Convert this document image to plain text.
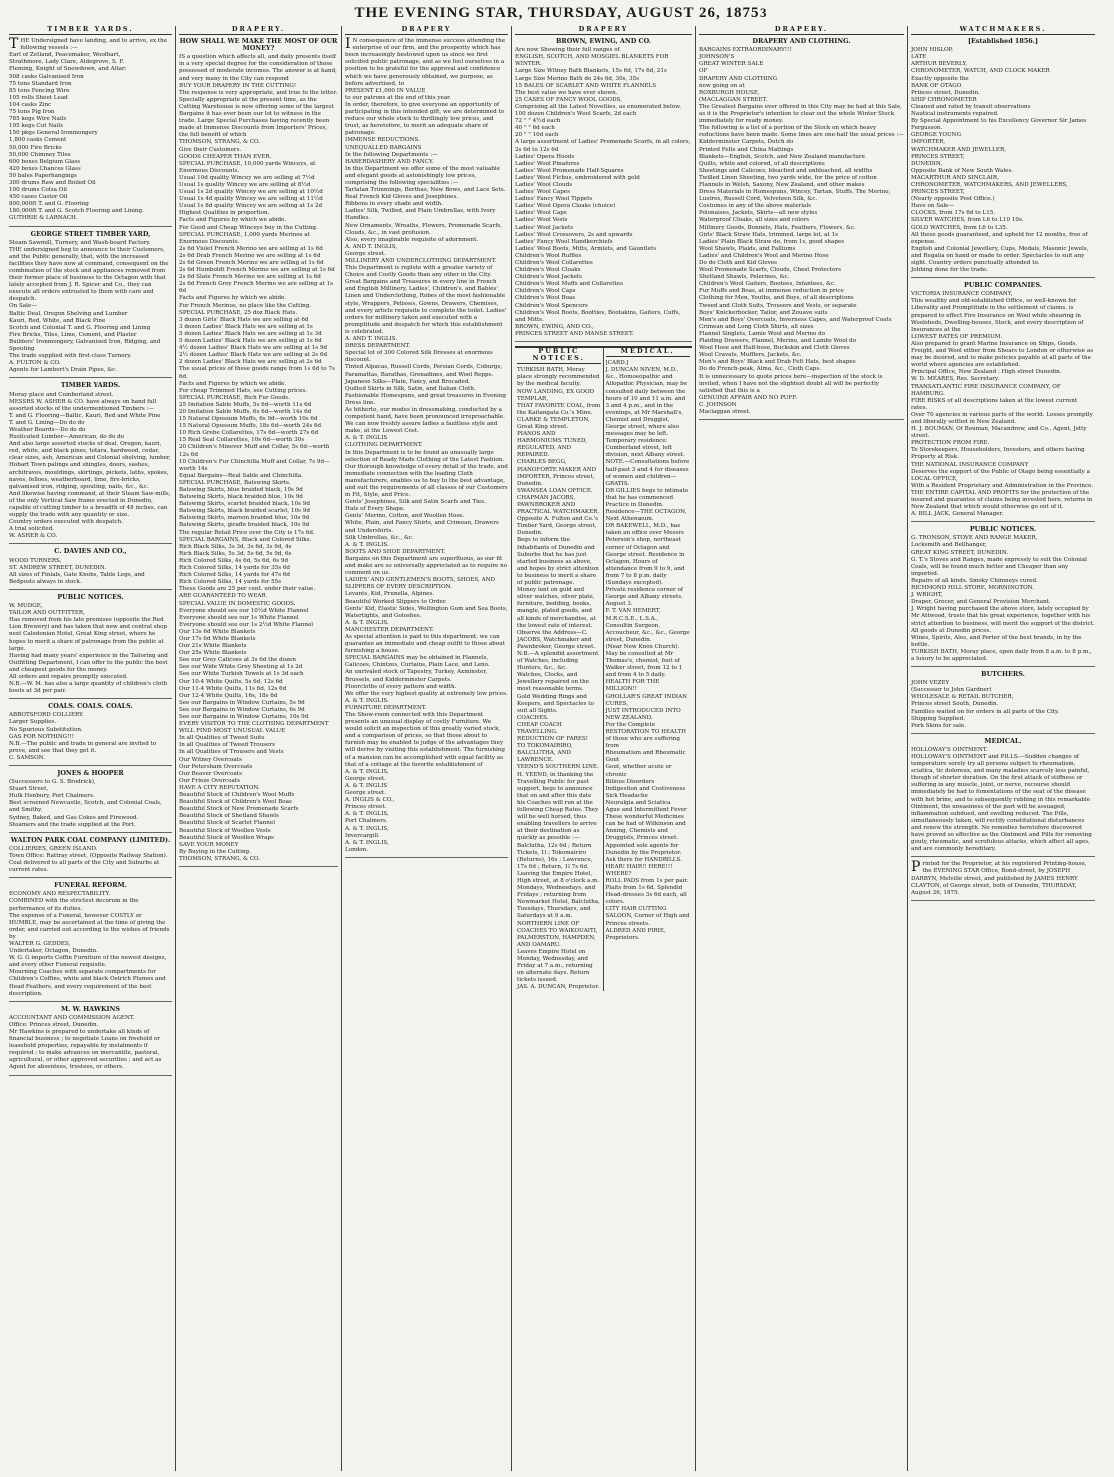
3
THE EVENING STAR, THURSDAY, AUGUST 26, 1875
TIMBER YARDS.

THE Undersigned have landing, and to arrive, ex the following vessels :—

Earl of Zetland, Peacemaker, Woolhart,

Strathmore, Lady Clare, Aldegrove, S. F.

Fleming, Knight of Snowdown, and Altar:

508 casks Galvanised Iron

75 tons Standard Iron

85 tons Fencing Wire

105 rolls Sheet Lead

104 casks Zinc

75 tons Pig Iron

785 kegs Wire Nails

195 kegs Cut Nails

150 pkgs General Ironmongery

1,800 casks Cement

50,000 Fire Bricks

50,000 Chimney Tiles

600 boxes Belgium Glass

420 boxes Chances Glass

50 bales Paperhangings

300 drums Raw and Boiled Oil

100 drums Colza Oil

450 cases Castor Oil

800,000ft T. and G. Flooring

180,000ft T. and G. Scotch Flooring and Lining.

GUTHRIE & LARNACH.

GEORGE STREET TIMBER YARD,

Steam Sawmill, Turnery, and Wash-board Factory.

THE undersigned beg to announce to their Customers, and the Public generally, that, with the increased facilities they have now at command, consequent on the combination of the stock and appliances removed from their former place of business to the Octagon with that lately accepted from J. R. Spicer and Co., they can execute all orders entrusted to them with care and despatch.

On Sale—

Baltic Deal, Oregon Shelving and Lumber

Kauri, Red, White, and Black Pine

Scotch and Colonial T. and G. Flooring and Lining

Fire Bricks, Tiles, Lime, Cement, and Plaster

Builders' Ironmongery, Galvanised Iron, Ridging, and Spouting

The trade supplied with first-class Turnery.

A. FULTON & CO.

Agents for Lambert's Drain Pipes, &c.

TIMBER YARDS.

Moray place and Cumberland street.

MESSRS W. ASHER & CO. have always on hand full assorted stocks of the undermentioned Timbers :—

T. and G. Flooring—Baltic, Kauri, Red and White Pine

T. and G. Lining—Do do do

Weather Boards—Do do do

Rusticated Lumber—American, do do do

And also large assorted stocks of deal, Oregon, kauri, red, white, and black pines, totara, hardwood, cedar, clear sizes, ash, American and Colonial shelving, lumber, Hobart Town palings and shingles, doors, sashes, architraves, mouldings, skirtings, pickets, laths, spokes, naves, felloes, weatherboard, lime, fire-bricks, galvanised iron, ridging, spouting, nails, &c., &c.

And likewise having command, at their Steam Saw-mills, of the only Vertical Saw frame erected in Dunedin, capable of cutting timber to a breadth of 48 inches, can supply the trade with any quantity or size.

Country orders executed with despatch.

A trial solicited.

W. ASHER & CO.

C. DAVIES AND CO.,

WOOD TURNERS,

ST. ANDREW STREET, DUNEDIN.

All sizes of Finials, Gate Knobs, Table Legs, and Bedposts always in stock.

PUBLIC NOTICES.

W. MUDGE,

TAILOR AND OUTFITTER,

Has removed from his late premises (opposite the Red Lion Brewery) and has taken that new and central shop next Caledonian Hotel, Great King street, where he hopes to merit a share of patronage from the public at large.

Having had many years' experience in the Tailoring and Outfitting Department, I can offer to the public the best and cheapest goods for the money.

All orders and repairs promptly executed.

N.B.—W. M. has also a large quantity of children's cloth boots at 3d per pair.

COALS. COALS. COALS.

ABBOTSFORD COLLIERY.

Larger Supplies.

No Spurious Substitution.

GAS FOR NOTHING!!!

N.B.—The public and trade in general are invited to prove, and see that they get it.

C. SAMSON.

JONES & HOOPER

(Successors to G. S. Brodrick),

Stuart Street,

Hulk Henbury, Port Chalmers.

Best screened Newcastle, Scotch, and Colonial Coals, and Smithy.

Sydney, Baked, and Gas Cokes and Firewood.

Steamers and the trade supplied at the Port.

WALTON PARK COAL COMPANY (LIMITED).

COLLIERIES, GREEN ISLAND.

Town Office: Rattray street, (Opposite Railway Station).

Coal delivered to all parts of the City and Suburbs at current rates.

FUNERAL REFORM.

ECONOMY AND RESPECTABILITY.

COMBINED with the strictest decorum in the performance of its duties.

The expense of a Funeral, however COSTLY or HUMBLE, may be ascertained at the time of giving the order, and carried out according to the wishes of friends by

WALTER G. GEDDES,

Undertaker, Octagon, Dunedin.

W. G. G imports Coffin Furniture of the newest designs, and every other Funeral requisite.

Mourning Coaches with separate compartments for Children's Coffins, white and black Ostrich Plumes and Head Feathers, and every requirement of the best description.

M. W. HAWKINS

ACCOUNTANT AND COMMISSION AGENT.

Office: Princes street, Dunedin.

Mr Hawkins is prepared to undertake all kinds of financial business ; to negotiate Loans on freehold or leasehold properties, repayable by instalments if required ; to make advances on mercantile, pastoral, agricultural, or other approved securities ; and act as Agent for absentees, trustees, or others.

DRAPERY.
HOW SHALL WE MAKE THE MOST OF OUR MONEY?

IS a question which affects all, and daily presents itself in a very special degree for the consideration of those possessed of moderate incomes. The answer is at hand, and very many in the City can respond

BUY YOUR DRAPERY IN THE CUTTING!

The response is very appropriate, and true to the letter. Specially appropriate at the present time, as the Cutting Warehouse is now offering some of the largest Bargains it has ever been our lot to witness in the trade. Large Special Purchases having recently been made at Immense Discounts from Importers' Prices, the full benefit of which

THOMSON, STRANG, & CO.

Give their Customers.

GOODS CHEAPER THAN EVER.

SPECIAL PURCHASE, 10,000 yards Winceys, at Enormous Discounts.

Usual 10d quality Wincey we are selling at 7½d

Usual 1s quality Wincey we are selling at 8½d

Usual 1s 2d quality Wincey we are selling at 10½d

Usual 1s 4d quality Wincey we are selling at 11½d

Usual 1s 8d quality Wincey we are selling at 1s 2d

Highest Qualities in proportion.

Facts and Figures by which we abide.

For Good and Cheap Winceys buy in the Cutting.

SPECIAL PURCHASE, 1,000 yards Merinos at Enormous Discounts.

2s 6d Violet French Merino we are selling at 1s 6d

2s 6d Drab French Merino we are selling at 1s 6d

2s 6d Green French Merino we are selling at 1s 6d

2s 6d Humboldt French Merino we are selling at 1s 6d

2s 6d Slate French Merino we are selling at 1s 6d

2s 6d French Grey French Merino we are selling at 1s 6d

Facts and Figures by which we abide.

For French Merinos, no place like the Cutting.

SPECIAL PURCHASE, 25 doz Black Hats.

3 dozen Girls' Black Hats we are selling at 6d

3 dozen Ladies' Black Hats we are selling at 1s

5 dozen Ladies' Black Hats we are selling at 1s 3d

5 dozen Ladies' Black Hats we are selling at 1s 6d

4½ dozen Ladies' Black Hats we are selling at 1s 9d

2½ dozen Ladies' Black Hats we are selling at 2s 6d

2 dozen Ladies' Black Hats we are selling at 2s 6d

The usual prices of these goods range from 1s 6d to 7s 6d.

Facts and Figures by which we abide.

For cheap Trimmed Hats, see Cutting prices.

SPECIAL PURCHASE, Rich Fur Goods.

25 Imitation Sable Muffs, 5s 6d—worth 11s 6d

20 Imitation Sable Muffs, 6s 6d—worth 14s 6d

15 Natural Opossum Muffs, 6s 9d—worth 10s 6d

15 Natural Opossum Muffs, 18s 6d—worth 24s 6d

10 Rich Grebe Collarettes, 17s 6d—worth 27s 6d

15 Real Seal Collarettes, 10s 6d—worth 30s

20 Children's Minever Muff and Collar, 5s 6d—worth 12s 6d

10 Children's Fur Chinchilla Muff and Collar, 7s 9d—worth 14s

Equal Bargains—Real Sable and Chinchilla.

SPECIAL PURCHASE, Batswing Skirts.

Batswing Skirts, blue braided black, 10s 9d

Batswing Skirts, black braided blue, 10s 9d

Batswing Skirts, scarlet braided black, 10s 9d

Batswing Skirts, black braided scarlet, 10s 9d

Batswing Skirts, maroon braided blue, 10s 9d

Batswing Skirts, giraffe braided black, 10s 9d

The regular Retail Price over the City is 17s 6d.

SPECIAL BARGAINS, Black and Colored Silks.

Rich Black Silks, 3s 3d, 3s 6d, 3s 9d, 4s

Rich Black Silks, 5s 3d, 5s 6d, 5s 9d, 6s

Rich Colored Silks, 4s 6d, 5s 6d, 6s 9d

Rich Colored Silks, 14 yards for 35s 6d

Rich Colored Silks, 14 yards for 47s 6d

Rich Colored Silks, 14 yards for 55s

These Goods are 25 per cent. under their value.

ARE GUARANTEED TO WEAR.

SPECIAL VALUE IN DOMESTIC GOODS.

Everyone should see our 10½d White Flannel

Everyone should see our 1s White Flannel

Everyone should see our 1s 2½d White Flannel

Our 13s 6d White Blankets

Our 17s 6d White Blankets

Our 21s White Blankets

Our 25s White Blankets

See our Grey Calicoes at 3s 6d the dozen

See our Wide White Grey Sheeting at 1s 2d

See our White Turkish Towels at 1s 3d each

Our 10-4 White Quilts, 5s 6d, 12s 6d

Our 11-4 White Quilts, 11s 6d, 12s 6d

Our 12-4 White Quilts, 16s, 18s 6d

See our Bargains in Window Curtains, 5s 9d

See our Bargains in Window Curtains, 6s 9d

See our Bargains in Window Curtains, 10s 9d

EVERY VISITOR TO THE CLOTHING DEPARTMENT

WILL FIND MOST UNUSUAL VALUE

In all Qualities of Tweed Suits

In all Qualities of Tweed Trousers

In all Qualities of Trousers and Vests

Our Witney Overcoats

Our Petersham Overcoats

Our Beaver Overcoats

Our Frieze Overcoats

HAVE A CITY REPUTATION.

Beautiful Stock of Children's Wool Muffs

Beautiful Stock of Children's Wool Boas

Beautiful Stock of New Promenade Scarfs

Beautiful Stock of Shetland Shawls

Beautiful Stock of Scarlet Flannel

Beautiful Stock of Woollen Vests

Beautiful Stock of Woollen Wraps

SAVE YOUR MONEY

By Buying in the Cutting.

THOMSON, STRANG, & CO.

DRAPERY

IN consequence of the immense success attending the enterprise of our firm, and the prosperity which has been increasingly bestowed upon us since we first solicited public patronage, and as we feel ourselves in a position to be grateful for the approval and confidence which we have generously obtained, we purpose, as before advertised, to

PRESENT £1,000 IN VALUE

to our patrons at the end of this year.

In order, therefore, to give everyone an opportunity of participating in this intended gift, we are determined to reduce our whole stock to thrillingly low prices, and trust, as heretofore, to merit an adequate share of patronage.

IMMENSE REDUCTIONS.

UNEQUALLED BARGAINS

In the following Departments :—

HABERDASHERY AND FANCY.

In this Department we offer some of the most valuable and elegant goods at astonishingly low prices, comprising the following specialities :—

Tarlatan Trimmings, Berthas, New Bows, and Lace Sets.

Real French Kid Gloves and Josephines.

Ribbons in every shade and width.

Ladies' Silk, Twilled, and Plain Umbrellas, with Ivory Handles.

New Ornaments, Wreaths, Flowers, Promenade Scarfs, Clouds, &c., in vast profusion.

Also, every imaginable requisite of adornment.

A. AND T. INGLIS,

George street.

MILLINERY AND UNDERCLOTHING DEPARTMENT.

This Department is replete with a greater variety of Choice and Costly Goods than any other in the City. Great Bargains and Treasures in every line in French and English Millinery, Ladies', Children's, and Babies' Linen and Underclothing, Robes of the most fashionable style, Wrappers, Pelisses, Gowns, Drawers, Chemises, and every article requisite to complete the toilet. Ladies' orders for millinery taken and executed with a promptitude and despatch for which this establishment is celebrated.

A. AND T. INGLIS.

DRESS DEPARTMENT.

Special lot of 300 Colored Silk Dresses at enormous discount.

Tinted Alpacas, Russell Cords, Persian Cords, Coburgs, Paramattas, Barathas, Grenadines, and Wool Repps.

Japanese Silks—Plain, Fancy, and Brocaded.

Quilted Skirts in Silk, Satin, and Italian Cloth.

Fashionable Homespuns, and great treasures in Evening Dress line.

As hitherto, our modes in dressmaking, conducted by a competent hand, have been pronounced irreproachable. We can now freshly assure ladies a faultless style and make, at the Lowest Cost.

A. & T. INGLIS

CLOTHING DEPARTMENT.

In this Department is to be found an unusually large selection of Ready Made Clothing of the Latest Fashion. Our thorough knowledge of every detail of the trade, and immediate connection with the leading Cloth manufacturers, enables us to buy to the best advantage, and suit the requirements of all classes of our Customers in Fit, Style, and Price.

Gents' Josephines, Silk and Satin Scarfs and Ties.

Hats of Every Shape.

Gents' Merino, Cotton, and Woollen Hose.

White, Plain, and Fancy Shirts, and Crimean, Drawers and Undershirts.

Silk Umbrellas, &c., &c.

A. & T. INGLIS.

BOOTS AND SHOE DEPARTMENT.

Bargains on this Department are superfluous, as our fit and make are so universally appreciated as to require no comment on us.

LADIES' AND GENTLEMEN'S BOOTS, SHOES, AND SLIPPERS OF EVERY DESCRIPTION.

Levants, Kid, Prunella, Alpines.

Beautiful Worked Slippers to Order.

Gents' Kid, Elastic Sides, Wellington Gum and Sea Boots, Watertights, and Goloshes.

A. & T. INGLIS.

MANCHESTER DEPARTMENT.

As special attention is paid to this department, we can guarantee an immediate and cheap outfit to those about furnishing a house.

SPECIAL BARGAINS may be obtained in Flannels, Calicoes, Chintzes, Curtains, Plain Lace, and Leno.

An unrivaled stock of Tapestry, Turkey, Axminster, Brussels, and Kidderminster Carpets.

Floorcloths of every pattern and width.

We offer the very highest quality at extremely low prices.

A. & T. INGLIS.

FURNITURE DEPARTMENT.

The Show-room connected with this Department presents an unusual display of costly Furniture. We would solicit an inspection of this greatly varied stock, and a comparison of prices, so that those about to furnish may be enabled to judge of the advantages they will derive by visiting this establishment. The furnishing of a mansion can be accomplished with equal facility as that of a cottage at the favorite establishment of

A. & T. INGLIS,

George street.

A. & T. INGLIS

George street.

A. INGLIS & CO.,

Princes street.

A. & T. INGLIS,

Port Chalmers.

A. & T. INGLIS,

Invercargill.

A. & T. INGLIS,

London.

DRAPERY
BROWN, EWING, AND CO.

Are now Showing their full ranges of

ENGLISH, SCOTCH, AND MOSGIEL BLANKETS FOR WINTER.

Large Size Witney Bath Blankets, 15s 6d, 17s 6d, 21s

Large Size Merino Bath do 24s 6d, 30s, 35s

15 BALES OF SCARLET AND WHITE FLANNELS

The best value we have ever shown.

25 CASES OF FANCY WOOL GOODS,

Comprising all the Latest Novelties, as enumerated below.

100 dozen Children's Wool Scarfs, 2d each

72 " " 4½d each

40 " " 6d each

20 " " 10d each

A large assortment of Ladies' Promenade Scarfs, in all colors, 2s 6d to 12s 6d

Ladies' Opera Hoods

Ladies' Wool Pinafores

Ladies' Wool Promenade Half-Squares

Ladies' Wool Fichus, embroidered with gold

Ladies' Wool Clouds

Ladies' Wool Capes

Ladies' Fancy Wool Tippets

Ladies' Wool Opera Cloaks (choice)

Ladies' Wool Caps

Ladies' Wool Vests

Ladies' Wool Jackets

Ladies' Wool Crossovers, 2s and upwards

Ladies' Fancy Wool Handkerchiefs

Ladies' Wool Boots, Mitts, Armlets, and Gauntlets

Children's Wool Ruffles

Children's Wool Collarettes

Children's Wool Cloaks

Children's Wool Jackets

Children's Wool Muffs and Collarettes

Children's Wool Caps

Children's Wool Boas

Children's Wool Spencers

Children's Wool Boots, Bootties, Bootakins, Gaiters, Cuffs, and Mitts.

BROWN, EWING, AND CO.,

PRINCES STREET AND MANSE STREET.

PUBLIC NOTICES.

TURKISH BATH, Moray place strongly recommended by the medical faculty.

NOW LANDING, EX GOOD TEMPLAR,

THAT FAVORITE COAL, from the Kaitangata Co.'s Mine.

CLARKE & TEMPLETON, Great King street.

PIANOS AND HARMONIUMS TUNED, REGULATED, AND REPAIRED.

CHARLES BEGG, PIANOFORTE MAKER AND IMPORTER, Princes street, Dunedin.

SWANSEA LOAN OFFICE.

CHAPMAN JACOBS, PAWNBROKER AND PRACTICAL WATCHMAKER.

Opposite A. Fulton and Co.'s Timber Yard, George street, Dunedin.

Begs to inform the Inhabitants of Dunedin and Suburbs that he has just started business as above, and hopes by strict attention to business to merit a share of public patronage.

Money lent on gold and silver watches, silver plate, furniture, bedding, books, mangle, plated goods, and all kinds of merchandise, at the lowest rate of interest.

Observe the Address—C. JACOBS, Watchmaker and Pawnbroker, George street.

N.B.—A splendid assortment of Watches, including Hunters, &c., &c.

Watches, Clocks, and Jewellery repaired on the most reasonable terms.

Gold Wedding Rings and Keepers, and Spectacles to suit all Sights.

COACHES.

CHEAP COACH TRAVELLING.

REDUCTION OF FARES!

TO TOKOMAIRIRO, BALCLUTHA, AND LAWRENCE.

YEEND'S SOUTHERN LINE.

H. YEEND, in thanking the Travelling Public for past support, begs to announce that on and after this date his Coaches will run at the following Cheap Rates. They will be well horsed, thus enabling travellers to arrive at their destination as quickly as possible :—Balclutha, 12s 6d ; Return Tickets, 1l ; Tokomairiro (Returns), 16s ; Lawrence, 17s 6d ; Return, 1l 7s 6d.

Leaving the Empire Hotel, High street, at 8 o'clock a.m. Mondays, Wednesdays, and Fridays ; returning from Newmarket Hotel, Balclutha, Tuesdays, Thursdays, and Saturdays at 9 a.m.

NORTHERN LINE OF COACHES TO WAIKOUAITI, PALMERSTON, HAMPDEN, AND OAMARU.

Leaves Empire Hotel on Monday, Wednesday, and Friday at 7 a.m., returning on alternate days. Return tickets issued.

JAS. A. DUNCAN, Proprietor.

MEDICAL.

[CARD.]

J. DUNCAN NIVEN, M.D., &c., Homoeopathic and Allopathic Physician, may be consulted daily between the hours of 10 and 11 a.m. and 3 and 4 p.m., and in the evenings, at Mr Marshall's, Chemist and Druggist, George street, where also messages may be left. Temporary residence: Cumberland street, left division, next Albany street.

NOTE.—Consultations before half-past 3 and 4 for diseases of women and children—GRATIS.

DR GILLIES begs to intimate that he has commenced Practice in Dunedin.

Residence—THE OCTAGON, Next Athenæum.

DR BAKEWELL, M.D., has taken an office over Messrs Peterson's shop, northeast corner of Octagon and George street. Residence in Octagon. Hours of attendance from 9 to 9, and from 7 to 8 p.m. daily (Sundays excepted).

Private residence corner of George and Albany streets.

August 3.

F. T. VAN HEMERT, M.R.C.S.E., L.S.A.,

Consultin Surgeon, Accoucheur, &c., &c., George street, Dunedin.

(Near New Knox Church).

May be consulted at Mr Thomas's, chemist, foot of Walker street, from 12 to 1 and from 4 to 5 daily.

HEALTH FOR THE MILLION!!

GHOLLAR'S GREAT INDIAN CURES,

JUST INTRODUCED INTO NEW ZEALAND.

For the Complete RESTORATION TO HEALTH of those who are suffering from

Rheumatism and Rheumatic Gout

Gout, whether acute or chronic

Bilious Disorders

Indigestion and Costiveness

Sick Headache

Neuralgia and Sciatica

Ague and Intermittent Fever

These wonderful Medicines can be had of Wilkinson and Anning, Chemists and Druggists, Princes street.

Appointed sole agents for Dunedin by the Proprietor.

Ask there for HANDBILLS.

HEAR! HAIR!! HERE!!! WHERE?

ROLL PADS from 1s per pair. Plaits from 1s 6d. Splendid Head-dresses 3s 6d each, all colors.

CITY HAIR CUTTING SALOON, Corner of High and Princes streets.

ALDRED AND PIRIE, Proprietors.

DRAPERY.
DRAPERY AND CLOTHING.

BARGAINS EXTRAORDINARY!!!

JOHNSON'S

GREAT WINTER SALE

OF

DRAPERY AND CLOTHING

now going on at

ROXBURGH HOUSE,

(MACLAGGAN STREET.

The Greatest Bargains ever offered in this City may be had at this Sale, as it is the Proprietor's intention to clear out the whole Winter Stock immediately for ready money.

The following is a list of a portion of the Stock on which heavy reductions have been made. Some lines are one-half the usual prices :—

Kidderminster Carpets, Dutch do

Printed Felts and China Mattings

Blankets—English, Scotch, and New Zealand manufacture

Quilts, white and colored, of all descriptions

Sheetings and Calicoes, bleached and unbleached, all widths

Twilled Linen Sheeting, two yards wide, for the price of cotton

Flannels in Welsh, Saxony, New Zealand, and other makes

Dress Materials in Homespuns, Wincey, Tartan, Stuffs. The Merino, Lustres, Russell Cord, Velveteen Silk, &c.

Costumes in any of the above materials

Polonaises, Jackets, Skirts—all new styles

Waterproof Cloaks, all sizes and colors

Millinery Goods, Bonnets, Hats, Feathers, Flowers, &c.

Girls' Black Straw Hats, trimmed, large lot, at 1s

Ladies' Plain Black Straw do, from 1s, good shapes

Wool Shawls, Plaids, and Falliums

Ladies' and Children's Wool and Merino Hose

Do do Cloth and Kid Gloves

Wool Promenade Scarfs, Clouds, Chest Protectors

Shetland Shawls, Pelerines, &c.

Children's Wool Gaiters, Bootees, Infantees, &c.

Fur Muffs and Boas, at immense reduction in price

Clothing for Men, Youths, and Boys, of all descriptions

Tweed and Cloth Suits, Trousers and Vests, or separate

Boys' Knickerbocker, Tailor, and Zouave suits

Men's and Boys' Overcoats, Inverness Capes, and Waterproof Coats

Crimean and Long Cloth Shirts, all sizes

Flannel Singlets, Lamie Wool and Merino do

Plaiding Drawers, Flannel, Merino, and Lambs Wool do

Wool Hose and Half-hose, Buckskin and Cloth Gloves

Wool Cravats, Mufflers, Jackets, &c.

Men's and Boys' Black and Drab Felt Hats, best shapes

Do do French-peak, Alma, &c., Cloth Caps.

It is unnecessary to quote prices here—inspection of the stock is invited, when I have not the slightest doubt all will be perfectly satisfied that this is a

GENUINE AFFAIR AND NO PUFF.

C. JOHNSON

Maclaggan street.

WATCHMAKERS.
[Established 1856.]

JOHN HISLOP,

LATE

ARTHUR BEVERLY,

CHRONOMETER, WATCH, AND CLOCK MAKER

Exactly opposite the

BANK OF OTAGO

Princes street, Dunedin.

SHIP CHRONOMETER

Cleaned and rated by transit observations

Nautical instruments repaired.

By Special Appointment to his Excellency Governor Sir James Fergusson.

GEORGE YOUNG

IMPORTER,

WATCHMAKER AND JEWELLER,

PRINCES STREET,

DUNEDIN,

Opposite Bank of New South Wales.

MACARTHUR AND SINCLAIR,

CHRONOMETER, WATCHMAKERS, AND JEWELLERS,

PRINCES STREET,

(Nearly opposite Post Office.)

Have on Sale—

CLOCKS, from 17s 6d to L15.

SILVER WATCHES, from L6 to L10 10s.

GOLD WATCHES, from L6 to L35.

All these goods guaranteed, and upheld for 12 months, free of expense.

English and Colonial Jewellery, Cups, Medals, Masonic Jewels, and Regalia on hand or made to order. Spectacles to suit any sight. Country orders punctually attended to.

Jobbing done for the trade.

PUBLIC COMPANIES.

VICTORIA INSURANCE COMPANY,

This wealthy and old-established Office, so well-known for Liberality and Promptitude in the settlement of claims, is prepared to effect Fire Insurance on Wool while shearing in Woolsheds, Dwelling-houses, Stock, and every description of Insurances at the

LOWEST RATES OF PREMIUM.

Also prepared to grant Marine Insurance on Ships, Goods, Freight, and Wool either from Shears to London or otherwise as may be desired, and to make policies payable at all parts of the world where agencies are established.

Principal Office, New Zealand : High street Dunedin.

W. D. MEARES, Res. Secretary.

TRANSATLANTIC FIRE INSURANCE COMPANY, OF HAMBURG.

FIRE RISKS of all descriptions taken at the lowest current rates.

Over 70 agencies in various parts of the world. Losses promptly and liberally settled in New Zealand.

H. J. BOUMAN, Of Bouman, Macandrew, and Co., Agent, Jetty street.

PROTECTION FROM FIRE.

To Storekeepers, Householders, Investors, and others having Property at Risk.

THE NATIONAL INSURANCE COMPANY

Deserves the support of the Public of Otago being essentially a

LOCAL OFFICE,

With a Resident Proprietary and Administration in the Province.

THE ENTIRE CAPITAL AND PROFITS for the protection of the insured and guarantee of claims being invested here, returns in New Zealand that which would otherwise go out of it.

A. BILL JACK, General Manager.

PUBLIC NOTICES.

G. TRONSON, STOVE AND RANGE MAKER,

Locksmith and Bellhanger,

GREAT KING STREET, DUNEDIN.

G. T.'s Stoves and Ranges, made expressly to suit the Colonial Coals, will be found much better and Cheaper than any imported.

Repairs of all kinds. Smoky Chimneys cured.

RICHMOND HILL STORE, MORNINGTON.

J. WRIGHT,

Draper, Grocer, and General Provision Merchant.

J. Wright having purchased the above store, lately occupied by Mr Attwood, trusts that his great experience, together with his strict attention to business, will merit the support of the district.

All goods at Dunedin prices.

Wines, Spirits, Ales, and Porter of the best brands, in by the bottle.

TURKISH BATH, Moray place, open daily from 8 a.m. to 8 p.m., a luxury to be appreciated.

BUTCHERS.

JOHN VEZEY

(Successor to John Gardner)

WHOLESALE & RETAIL BUTCHER,

Princes street South, Dunedin.

Families waited on for orders in all parts of the City.

Shipping Supplied.

Pork Skins for sale.

MEDICAL.

HOLLOWAY'S OINTMENT.

HOLLOWAY'S OINTMENT and PILLS.—Sudden changes of temperature sorely try all persons subject to rheumatism, sciatica, tic doloreux, and many maladies scarcely less painful, though of shorter duration. On the first attack of stiffness or suffering in any muscle, joint, or nerve, recourse should immediately be had to fomentations of the seat of the disease with hot brine, and to subsequently rubbing in this remarkable Ointment, the uneasiness of the part will be assuaged, inflammation subdued, and swelling reduced. The Pills, simultaneously taken, will rectify constitutional disturbances and renew the strength. No remedies heretofore discovered have proved so effective as the Ointment and Pills for removing gouty, rheumatic, and scrofulous attacks, which affect all ages, and are commonly hereditary.

Printed for the Proprietor, at his registered Printing-house, the EVENING STAR Office, Bond-street, by JOSEPH DARBYN, Melville street, and published by JAMES HENRY CLAYTON, of George street, both of Dunedin, THURSDAY, August 26, 1875.
